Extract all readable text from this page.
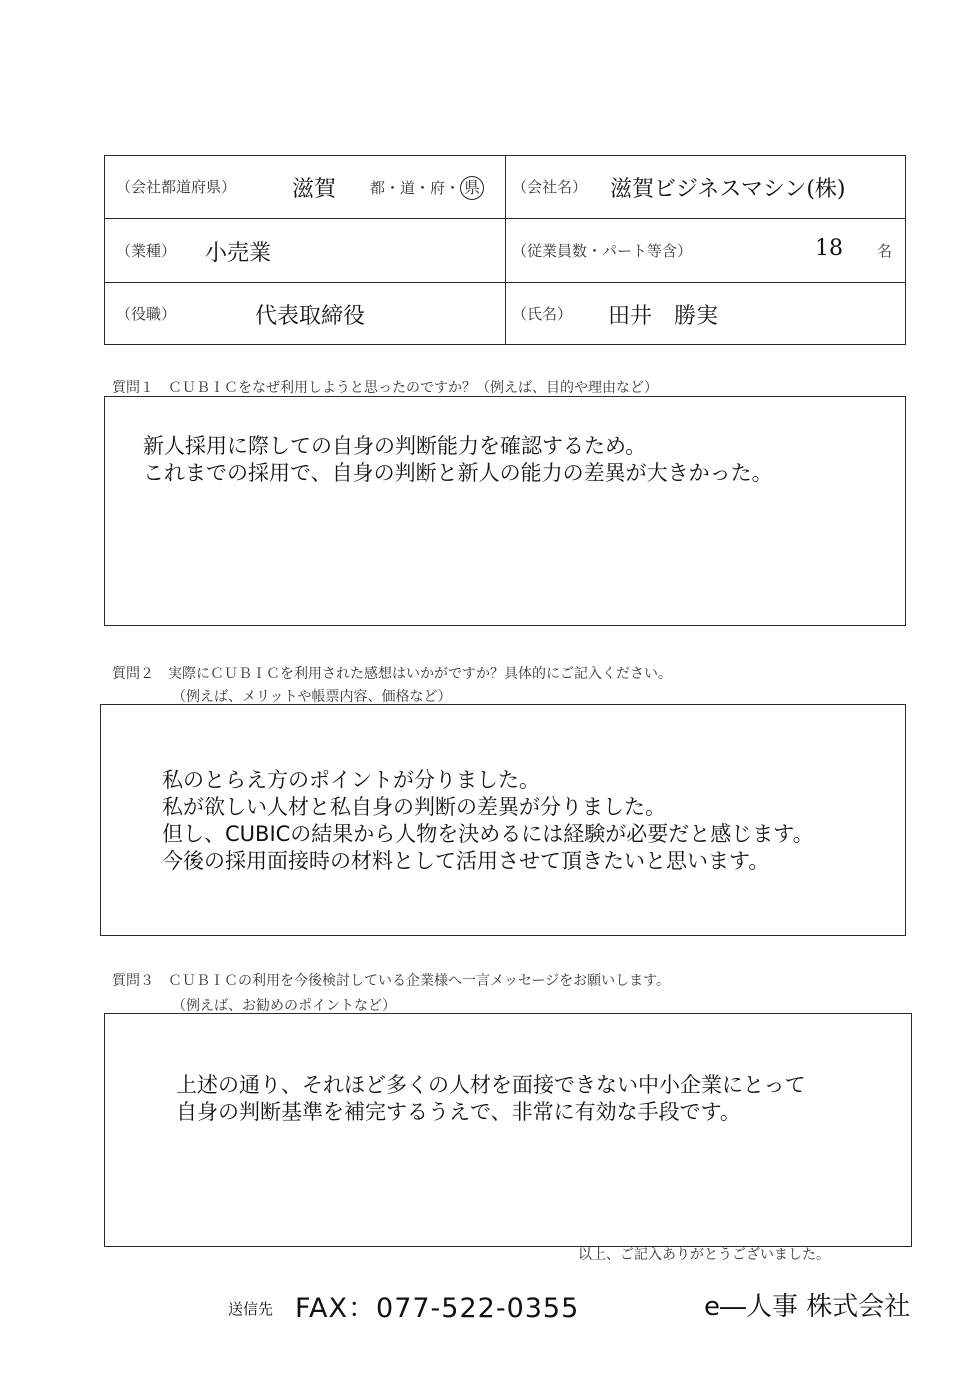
（会社都道府県）	滋賀 都・道・府・ 県 （会社名） 滋賀ビジネスマシン(株)
（業種） 小売業	（従業員数・パート等含）	18 名
（役職）	代表取締役	（氏名） 田井　勝実
質問１　ＣＵＢＩＣをなぜ利用しようと思ったのですか？（例えば、目的や理由など）
新人採用に際しての自身の判断能力を確認するため。
これまでの採用で、自身の判断と新人の能力の差異が大きかった。
質問２　実際にＣＵＢＩＣを利用された感想はいかがですか？具体的にご記入ください。
（例えば、メリットや帳票内容、価格など）
私のとらえ方のポイントが分りました。
私が欲しい人材と私自身の判断の差異が分りました。
但し、CUBICの結果から人物を決めるには経験が必要だと感じます。
今後の採用面接時の材料として活用させて頂きたいと思います。
質問３　ＣＵＢＩＣの利用を今後検討している企業様へ一言メッセージをお願いします。
（例えば、お勧めのポイントなど）
上述の通り、それほど多くの人材を面接できない中小企業にとって
自身の判断基準を補完するうえで、非常に有効な手段です。
以上、ご記入ありがとうございました。
送信先 FAX：077-522-0355	e―人事 株式会社
